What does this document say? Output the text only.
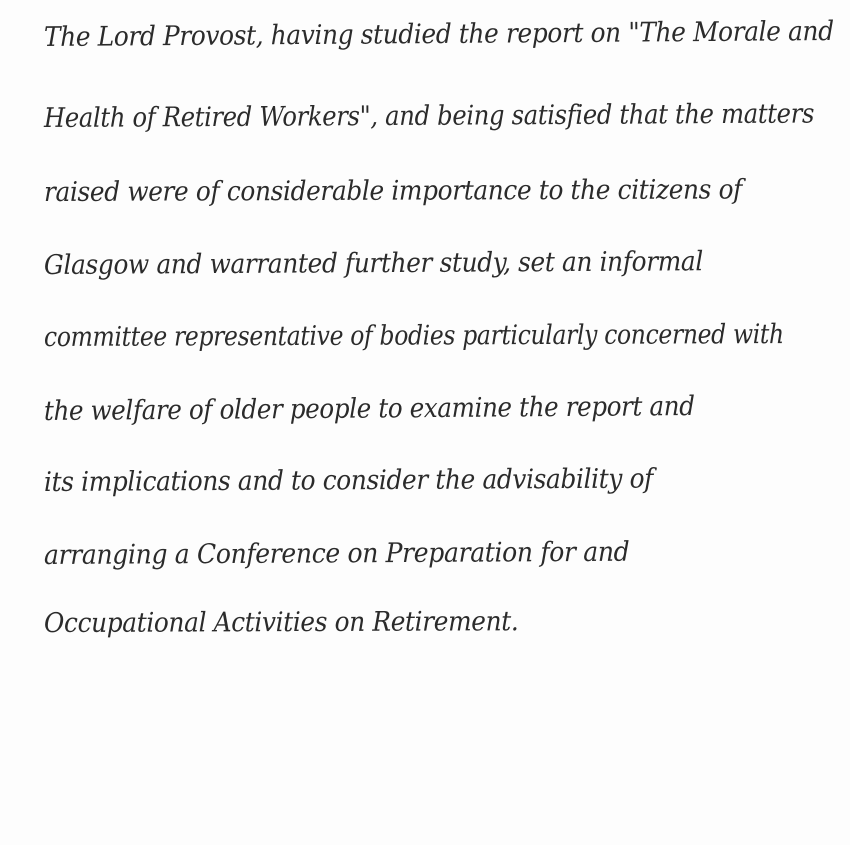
The Lord Provost, having studied the report on "The Morale and
Health of Retired Workers", and being satisfied that the matters
raised were of considerable importance to the citizens of
Glasgow and warranted further study, set an informal
committee representative of bodies particularly concerned with
the welfare of older people to examine the report and
its implications and to consider the advisability of
arranging a Conference on Preparation for and
Occupational Activities on Retirement.
